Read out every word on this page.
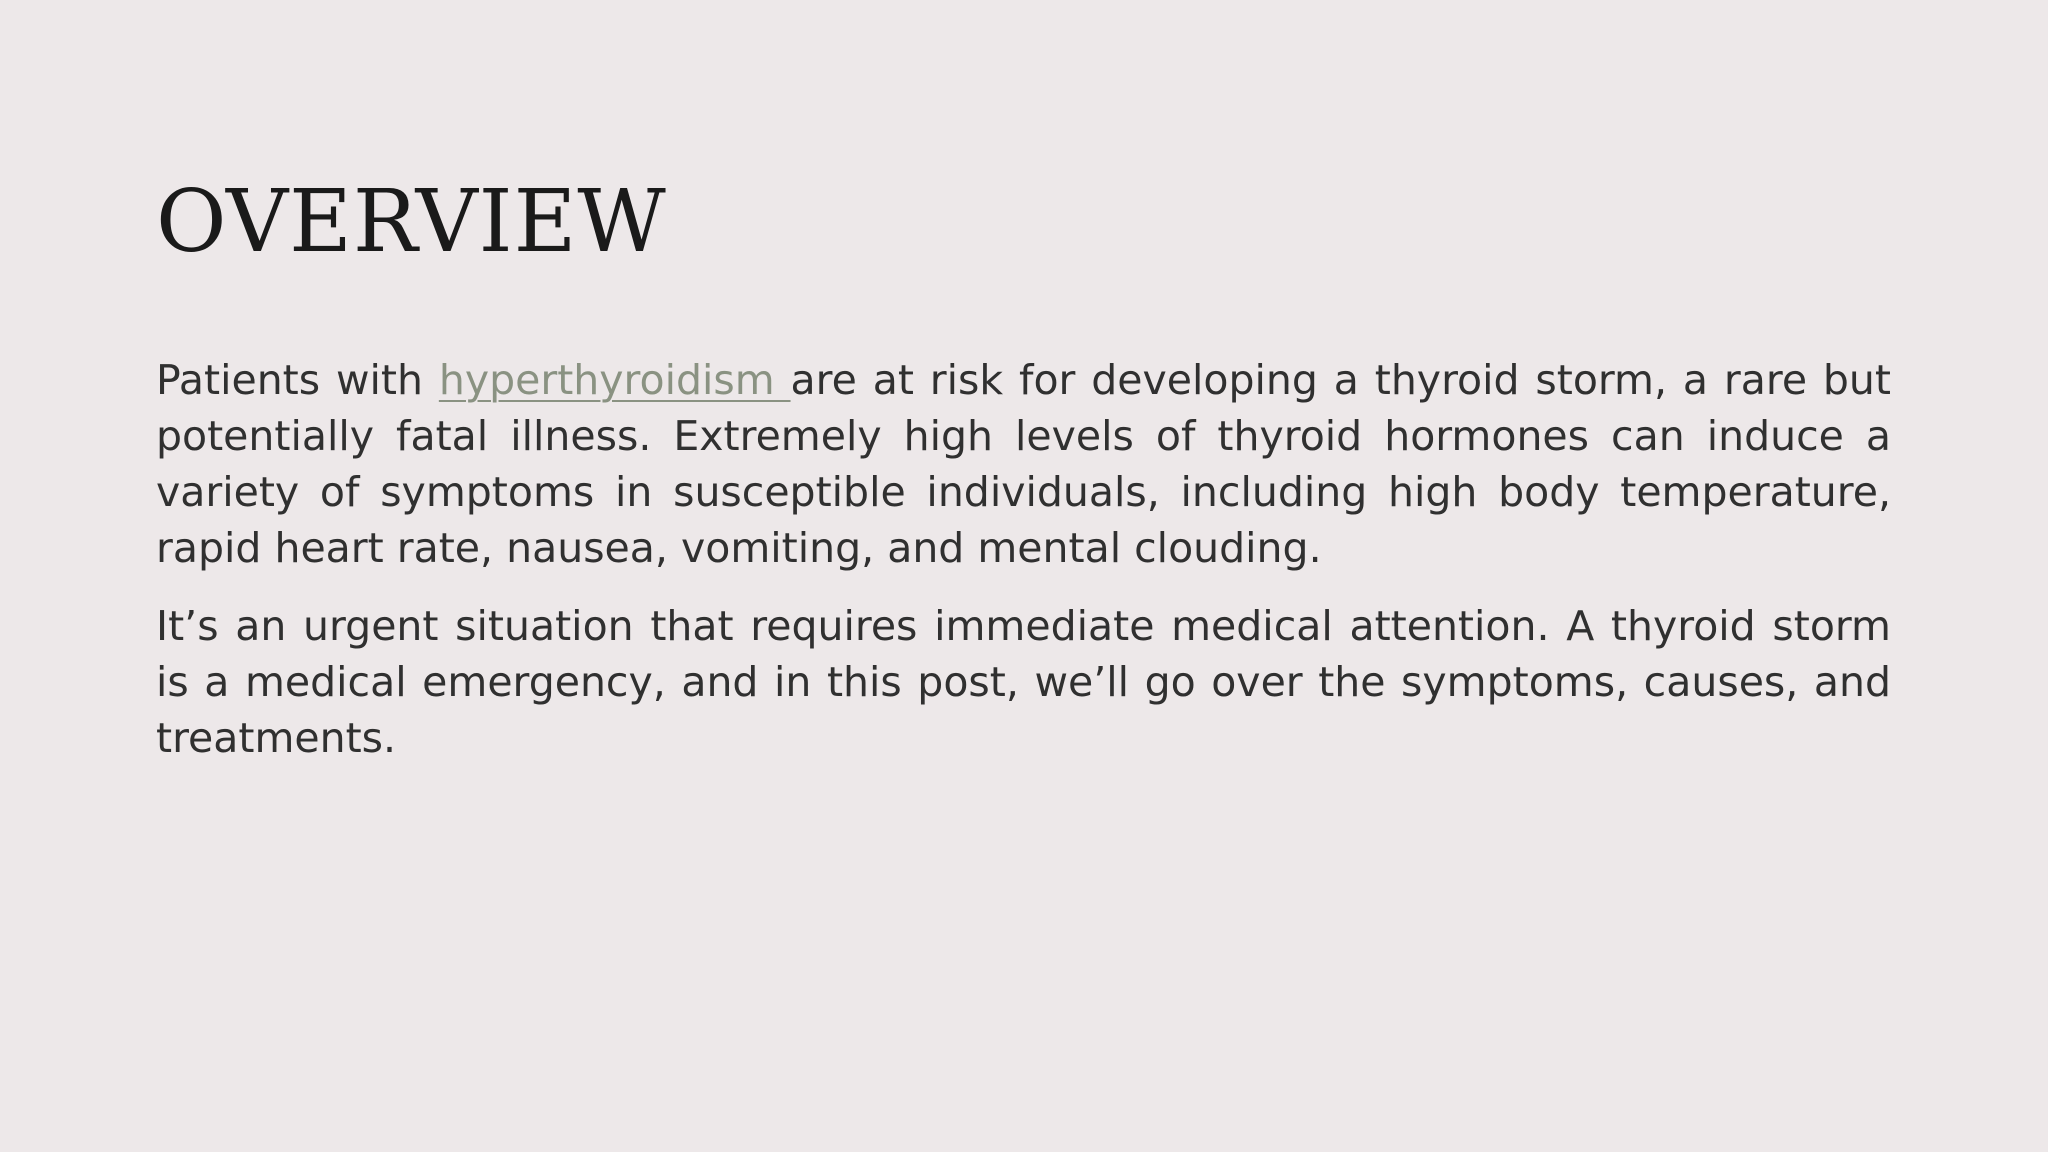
OVERVIEW

Patients with hyperthyroidism are at risk for developing a thyroid storm, a rare but potentially fatal illness. Extremely high levels of thyroid hormones can induce a variety of symptoms in susceptible individuals, including high body temperature, rapid heart rate, nausea, vomiting, and mental clouding.

It’s an urgent situation that requires immediate medical attention. A thyroid storm is a medical emergency, and in this post, we’ll go over the symptoms, causes, and treatments.
